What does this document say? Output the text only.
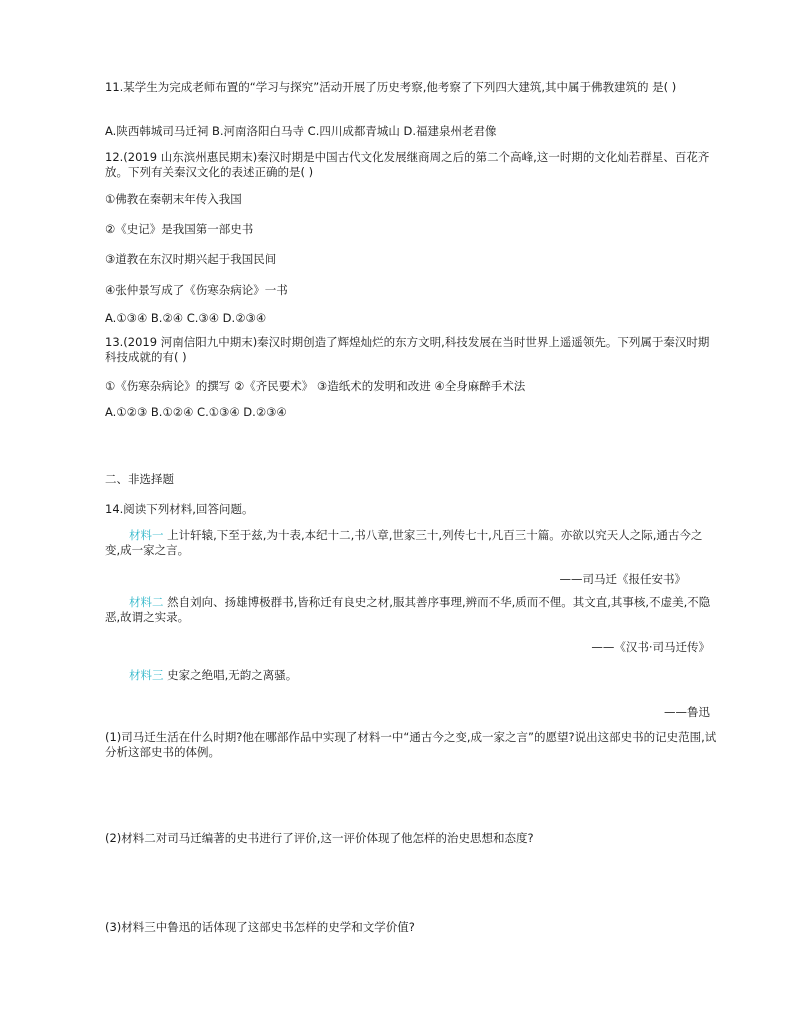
11.某学生为完成老师布置的“学习与探究”活动开展了历史考察,他考察了下列四大建筑,其中属于佛教建筑的 是( )
A.陕西韩城司马迁祠 B.河南洛阳白马寺 C.四川成都青城山 D.福建泉州老君像
12.(2019 山东滨州惠民期末)秦汉时期是中国古代文化发展继商周之后的第二个高峰,这一时期的文化灿若群星、百花齐放。下列有关秦汉文化的表述正确的是( )
①佛教在秦朝末年传入我国
②《史记》是我国第一部史书
③道教在东汉时期兴起于我国民间
④张仲景写成了《伤寒杂病论》一书
A.①③④ B.②④ C.③④ D.②③④
13.(2019 河南信阳九中期末)秦汉时期创造了辉煌灿烂的东方文明,科技发展在当时世界上遥遥领先。下列属于秦汉时期科技成就的有( )
①《伤寒杂病论》的撰写 ②《齐民要术》 ③造纸术的发明和改进 ④全身麻醉手术法
A.①②③ B.①②④ C.①③④ D.②③④
二、非选择题
14.阅读下列材料,回答问题。
材料一 上计轩辕,下至于兹,为十表,本纪十二,书八章,世家三十,列传七十,凡百三十篇。亦欲以究天人之际,通古今之变,成一家之言。
——司马迁《报任安书》
材料二 然自刘向、扬雄博极群书,皆称迁有良史之材,服其善序事理,辨而不华,质而不俚。其文直,其事核,不虚美,不隐恶,故谓之实录。
——《汉书·司马迁传》
材料三 史家之绝唱,无韵之离骚。
——鲁迅
(1)司马迁生活在什么时期?他在哪部作品中实现了材料一中“通古今之变,成一家之言”的愿望?说出这部史书的记史范围,试分析这部史书的体例。
(2)材料二对司马迁编著的史书进行了评价,这一评价体现了他怎样的治史思想和态度?
(3)材料三中鲁迅的话体现了这部史书怎样的史学和文学价值?
